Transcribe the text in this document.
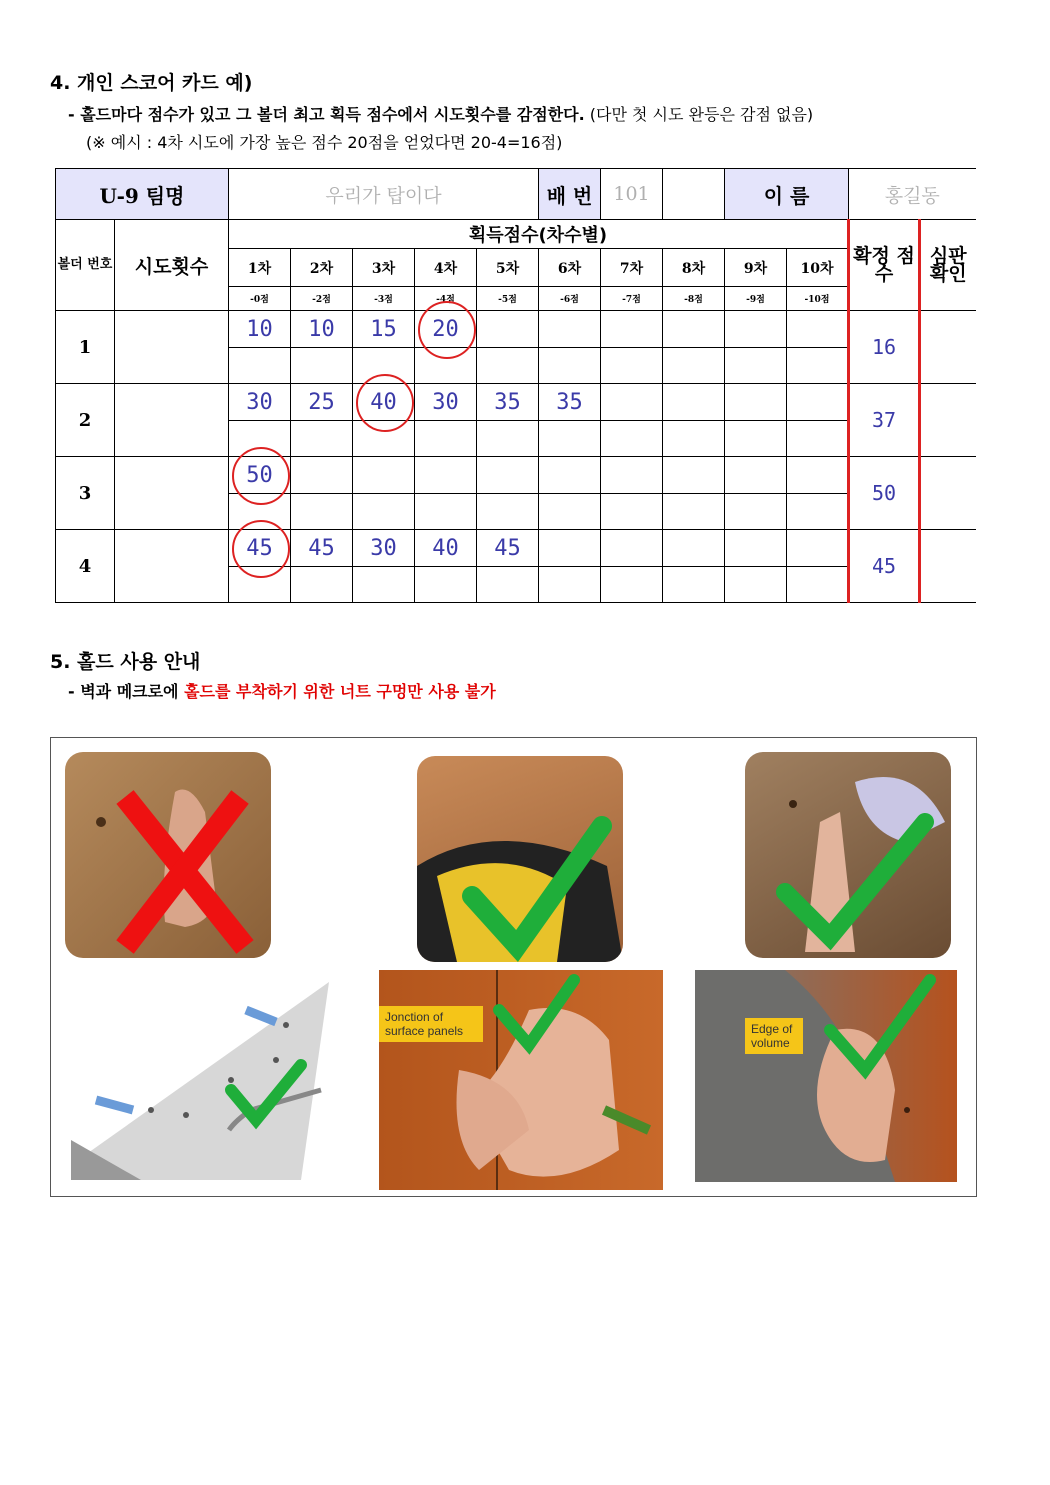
4. 개인 스코어 카드 예)
- 홀드마다 점수가 있고 그 볼더 최고 획득 점수에서 시도횟수를 감점한다. (다만 첫 시도 완등은 감점 없음)
(※ 예시 : 4차 시도에 가장 높은 점수 20점을 얻었다면 20-4=16점)
U-9 팀명		우리가 탑이다					배 번	101		이 름		홍길동	
볼더 번호	시도횟수	획득점수(차수별)										확정 점수	심판 확인
		1차	2차	3차	4차	5차	6차	7차	8차	9차	10차		
		-0점	-2점	-3점	-4점	-5점	-6점	-7점	-8점	-9점	-10점		
1		10	10	15	20							16	

2		30	25	40	30	35	35					37	

3		50										50	

4		45	45	30	40	45						45	

5. 홀드 사용 안내
- 벽과 메크로에 홀드를 부착하기 위한 너트 구멍만 사용 불가
Jonction of surface panels	Edge of volume
